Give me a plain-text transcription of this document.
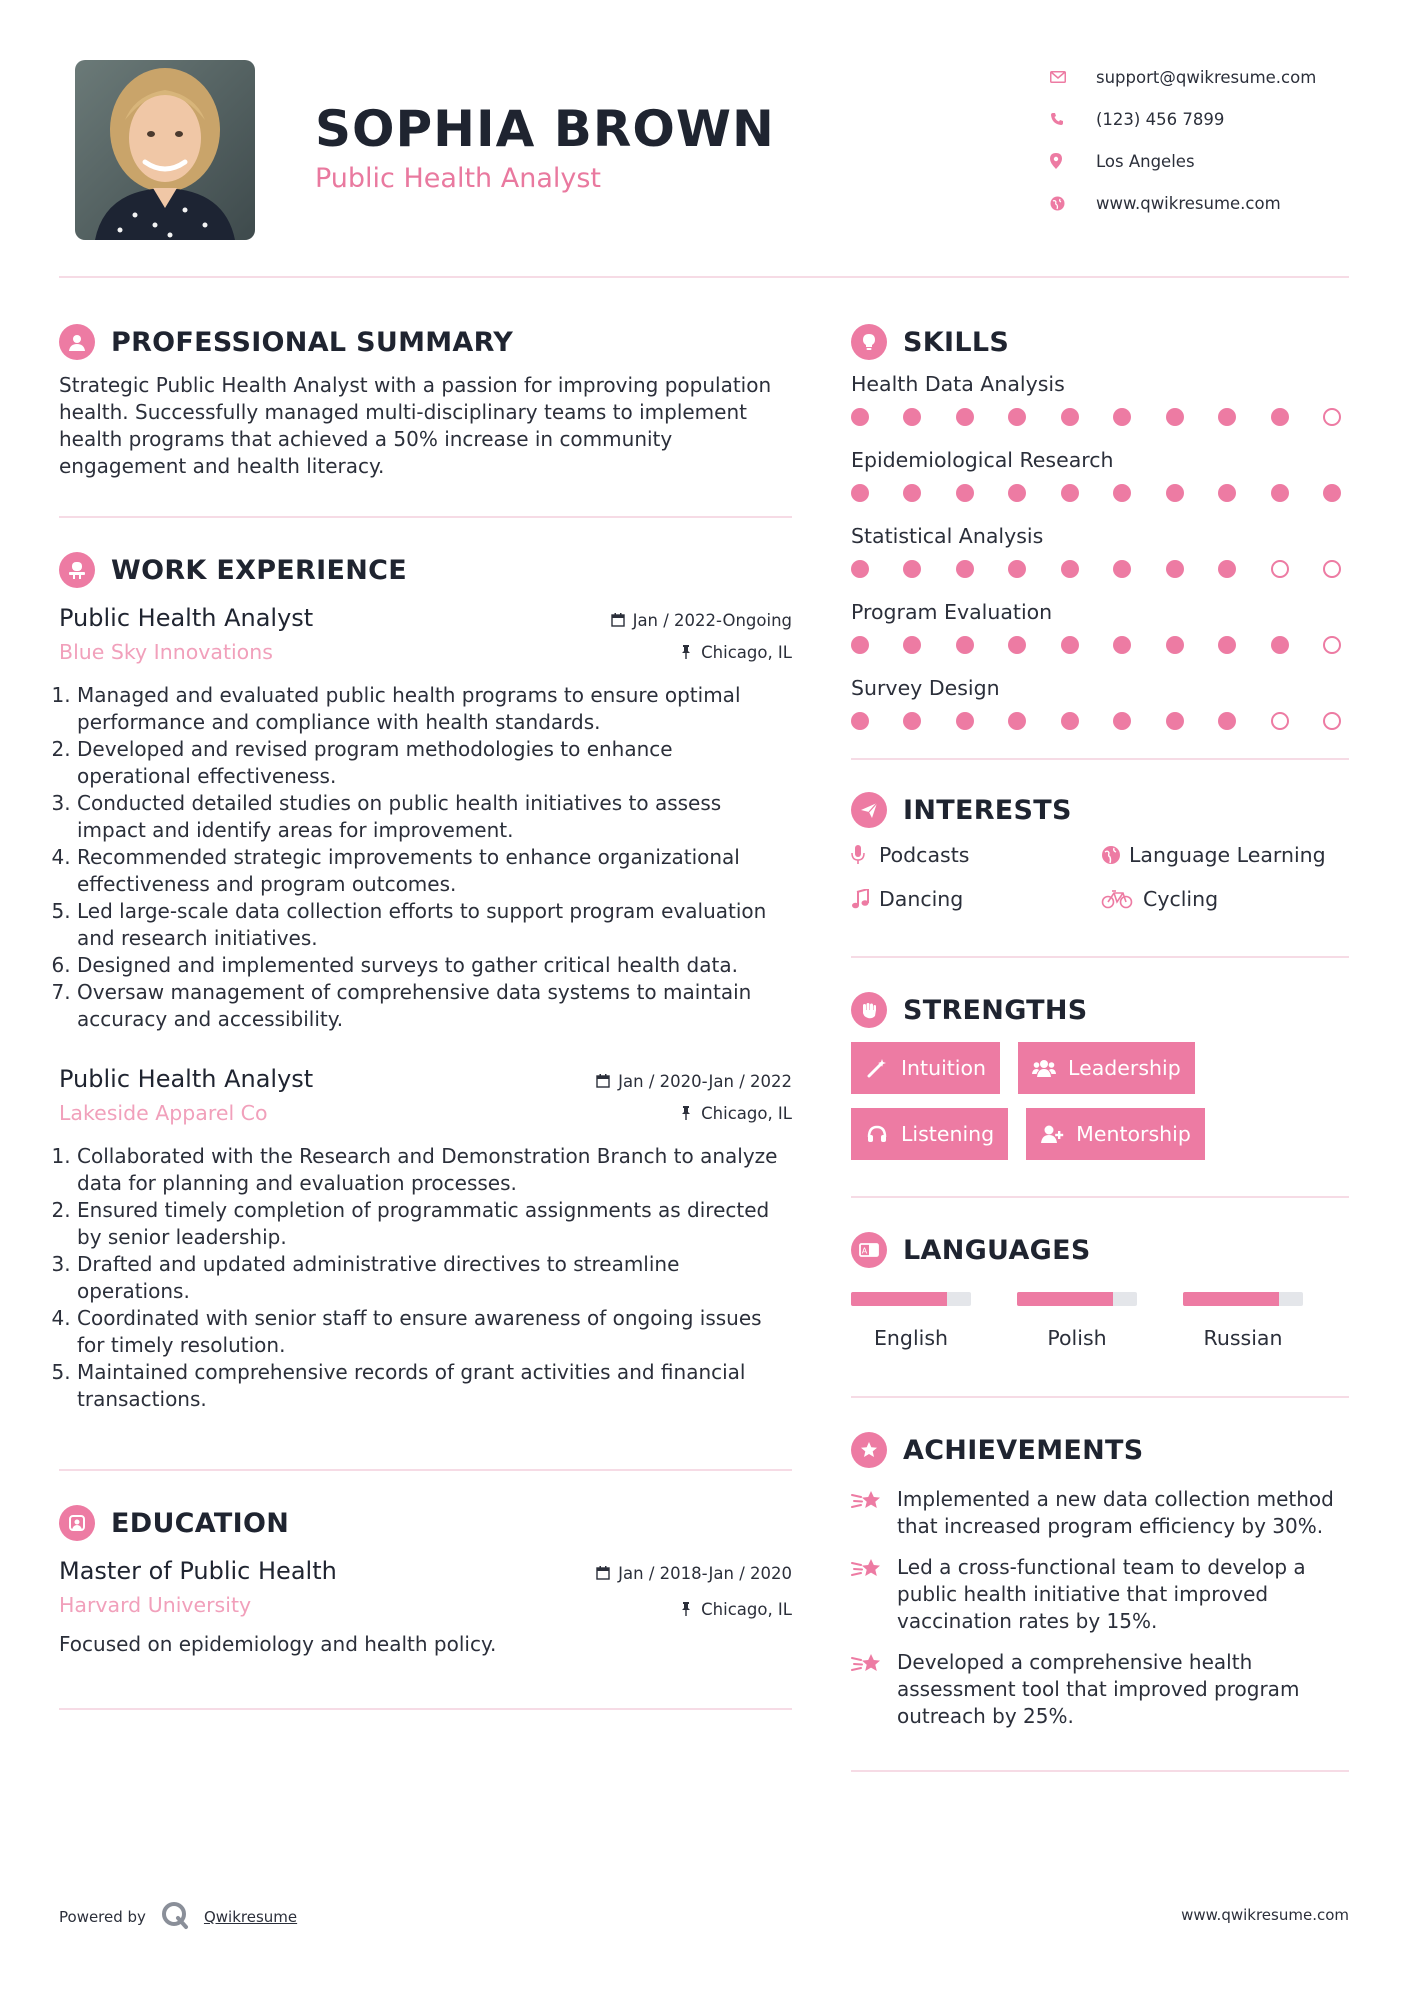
SOPHIA BROWN
Public Health Analyst
support@qwikresume.com
(123) 456 7899
Los Angeles
www.qwikresume.com
PROFESSIONAL SUMMARY

Strategic Public Health Analyst with a passion for improving population health. Successfully managed multi-disciplinary teams to implement health programs that achieved a 50% increase in community engagement and health literacy.

WORK EXPERIENCE
Public Health Analyst
Blue Sky Innovations
Jan / 2022-Ongoing
Chicago, IL
1. Managed and evaluated public health programs to ensure optimal performance and compliance with health standards.
2. Developed and revised program methodologies to enhance operational effectiveness.
3. Conducted detailed studies on public health initiatives to assess impact and identify areas for improvement.
4. Recommended strategic improvements to enhance organizational effectiveness and program outcomes.
5. Led large-scale data collection efforts to support program evaluation and research initiatives.
6. Designed and implemented surveys to gather critical health data.
7. Oversaw management of comprehensive data systems to maintain accuracy and accessibility.
Public Health Analyst
Lakeside Apparel Co
Jan / 2020-Jan / 2022
Chicago, IL
1. Collaborated with the Research and Demonstration Branch to analyze data for planning and evaluation processes.
2. Ensured timely completion of programmatic assignments as directed by senior leadership.
3. Drafted and updated administrative directives to streamline operations.
4. Coordinated with senior staff to ensure awareness of ongoing issues for timely resolution.
5. Maintained comprehensive records of grant activities and financial transactions.
EDUCATION
Master of Public Health
Harvard University
Jan / 2018-Jan / 2020
Chicago, IL

Focused on epidemiology and health policy.

SKILLS
Health Data Analysis
Epidemiological Research
Statistical Analysis
Program Evaluation
Survey Design
INTERESTS
Podcasts	Language Learning
Dancing	Cycling
STRENGTHS
Intuition	Leadership
Listening	Mentorship
A LANGUAGES
English	Polish	Russian
ACHIEVEMENTS
Implemented a new data collection method that increased program efficiency by 30%.
Led a cross-functional team to develop a public health initiative that improved vaccination rates by 15%.
Developed a comprehensive health assessment tool that improved program outreach by 25%.
Powered by	Qwikresume	www.qwikresume.com
